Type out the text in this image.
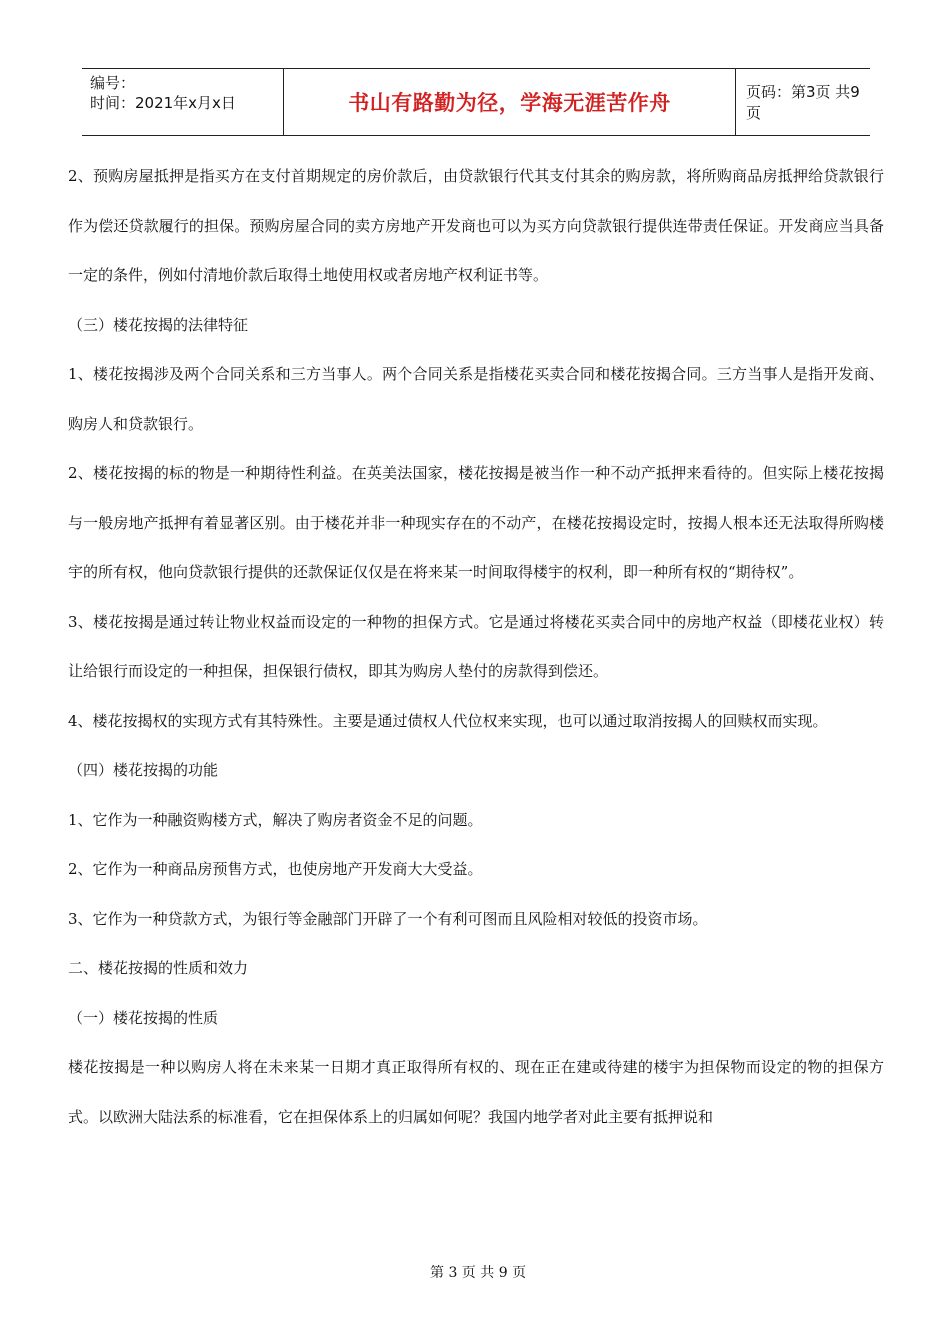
编号：
时间：2021年x月x日	书山有路勤为径，学海无涯苦作舟	页码：第3页 共9页

2、预购房屋抵押是指买方在支付首期规定的房价款后，由贷款银行代其支付其余的购房款，将所购商品房抵押给贷款银行作为偿还贷款履行的担保。预购房屋合同的卖方房地产开发商也可以为买方向贷款银行提供连带责任保证。开发商应当具备一定的条件，例如付清地价款后取得土地使用权或者房地产权利证书等。

（三）楼花按揭的法律特征

1、楼花按揭涉及两个合同关系和三方当事人。两个合同关系是指楼花买卖合同和楼花按揭合同。三方当事人是指开发商、购房人和贷款银行。

2、楼花按揭的标的物是一种期待性利益。在英美法国家，楼花按揭是被当作一种不动产抵押来看待的。但实际上楼花按揭与一般房地产抵押有着显著区别。由于楼花并非一种现实存在的不动产，在楼花按揭设定时，按揭人根本还无法取得所购楼宇的所有权，他向贷款银行提供的还款保证仅仅是在将来某一时间取得楼宇的权利，即一种所有权的“期待权”。

3、楼花按揭是通过转让物业权益而设定的一种物的担保方式。它是通过将楼花买卖合同中的房地产权益（即楼花业权）转让给银行而设定的一种担保，担保银行债权，即其为购房人垫付的房款得到偿还。

4、楼花按揭权的实现方式有其特殊性。主要是通过债权人代位权来实现，也可以通过取消按揭人的回赎权而实现。

（四）楼花按揭的功能

1、它作为一种融资购楼方式，解决了购房者资金不足的问题。

2、它作为一种商品房预售方式，也使房地产开发商大大受益。

3、它作为一种贷款方式，为银行等金融部门开辟了一个有利可图而且风险相对较低的投资市场。

二、楼花按揭的性质和效力

（一）楼花按揭的性质

楼花按揭是一种以购房人将在未来某一日期才真正取得所有权的、现在正在建或待建的楼宇为担保物而设定的物的担保方式。以欧洲大陆法系的标准看，它在担保体系上的归属如何呢？我国内地学者对此主要有抵押说和

第 3 页 共 9 页
